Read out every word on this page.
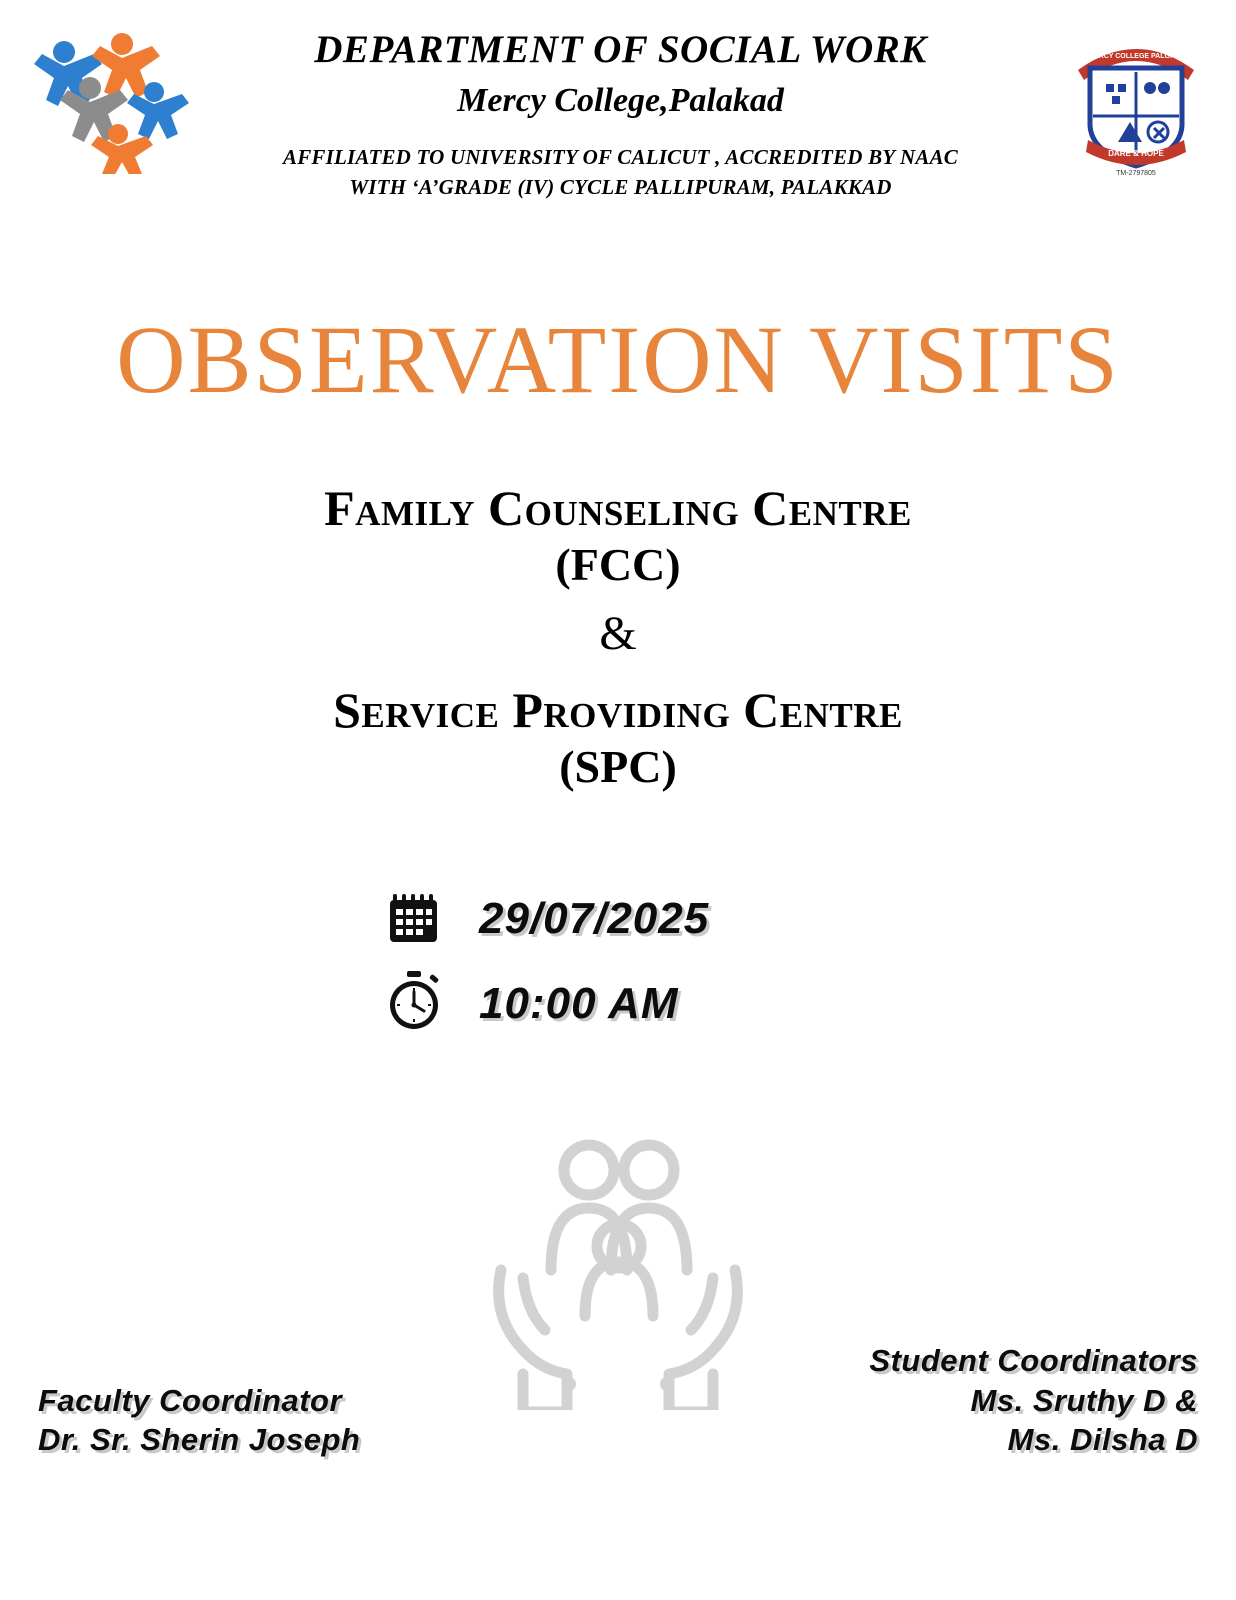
DEPARTMENT OF SOCIAL WORK
Mercy College,Palakad
AFFILIATED TO UNIVERSITY OF CALICUT , ACCREDITED BY NAAC
WITH ‘A’GRADE (IV) CYCLE PALLIPURAM, PALAKKAD
MERCY COLLEGE PALGHAT
DARE & HOPE
TM-2797805
OBSERVATION VISITS
Family Counseling Centre
(FCC)
&
Service Providing Centre
(SPC)
29/07/2025
10:00 AM
Faculty Coordinator
Dr. Sr. Sherin Joseph
Student Coordinators
Ms. Sruthy D &
Ms. Dilsha D
